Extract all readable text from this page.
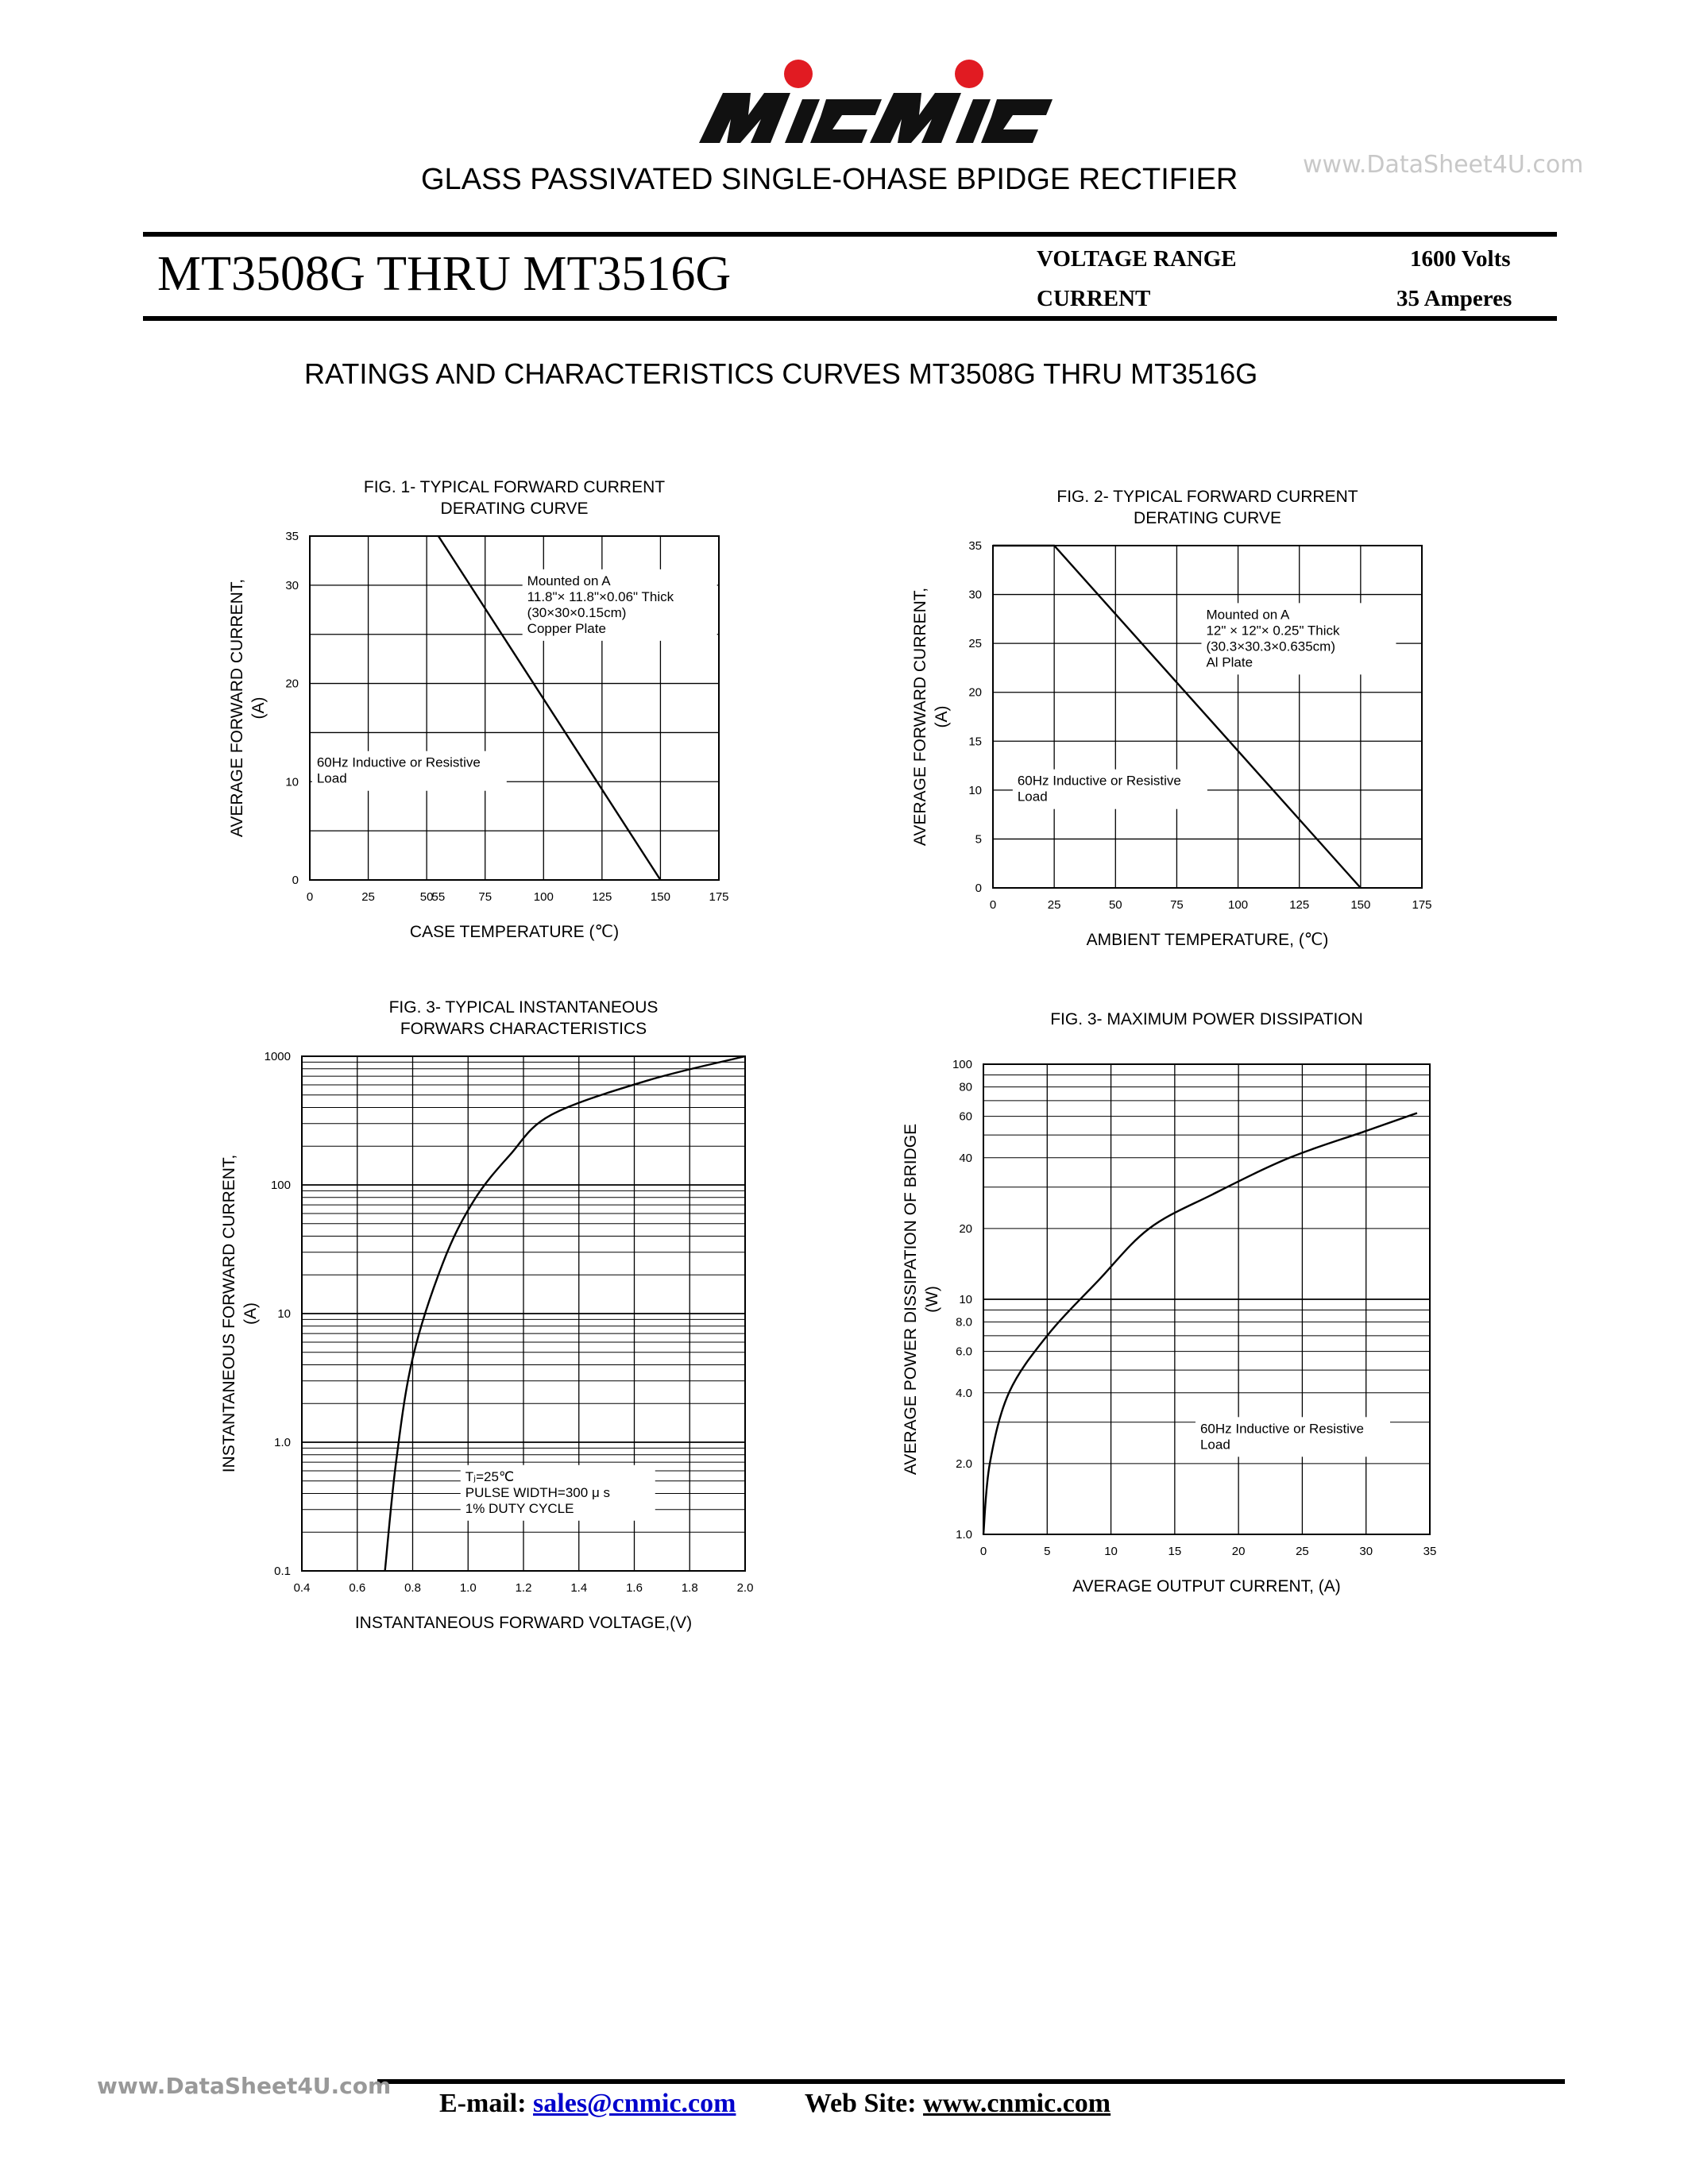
www.DataSheet4U.com
GLASS PASSIVATED SINGLE-OHASE BPIDGE RECTIFIER
MT3508G THRU MT3516G	VOLTAGE RANGE	1600 Volts
CURRENT	35 Amperes
RATINGS AND CHARACTERISTICS CURVES MT3508G THRU MT3516G
0	25	50
55	75	100	125	150	175
0
10
20
30
35
FIG. 1- TYPICAL FORWARD CURRENT
DERATING CURVE
CASE TEMPERATURE (℃)
AVERAGE FORWARD CURRENT, (A)
Mounted on A
11.8"× 11.8"×0.06" Thick
(30×30×0.15cm)
Copper Plate
60Hz Inductive or Resistive
Load
0	25	50	75	100	125	150	175
0
5
10
15
20
25
30
35
FIG. 2- TYPICAL FORWARD CURRENT
DERATING CURVE
AMBIENT TEMPERATURE, (℃)
AVERAGE FORWARD CURRENT, (A)
Mounted on A
12" × 12"× 0.25" Thick
(30.3×30.3×0.635cm)
Al Plate
60Hz Inductive or Resistive
Load
0.4	0.6	0.8	1.0	1.2	1.4	1.6	1.8	2.0
0.1
1.0
10
100
1000
FIG. 3- TYPICAL INSTANTANEOUS
FORWARS CHARACTERISTICS
INSTANTANEOUS FORWARD VOLTAGE,(V)
INSTANTANEOUS FORWARD CURRENT, (A)
Tⱼ=25℃
PULSE WIDTH=300 μ s
1% DUTY CYCLE
0	5	10	15	20	25	30	35
1.0
2.0
4.0
6.0
8.0
10
20
40
60
80
100
FIG. 3- MAXIMUM POWER DISSIPATION
AVERAGE OUTPUT CURRENT, (A)
AVERAGE POWER DISSIPATION OF BRIDGE (W)
60Hz Inductive or Resistive
Load
www.DataSheet4U.com
E-mail: sales@cnmic.com	Web Site: www.cnmic.com
